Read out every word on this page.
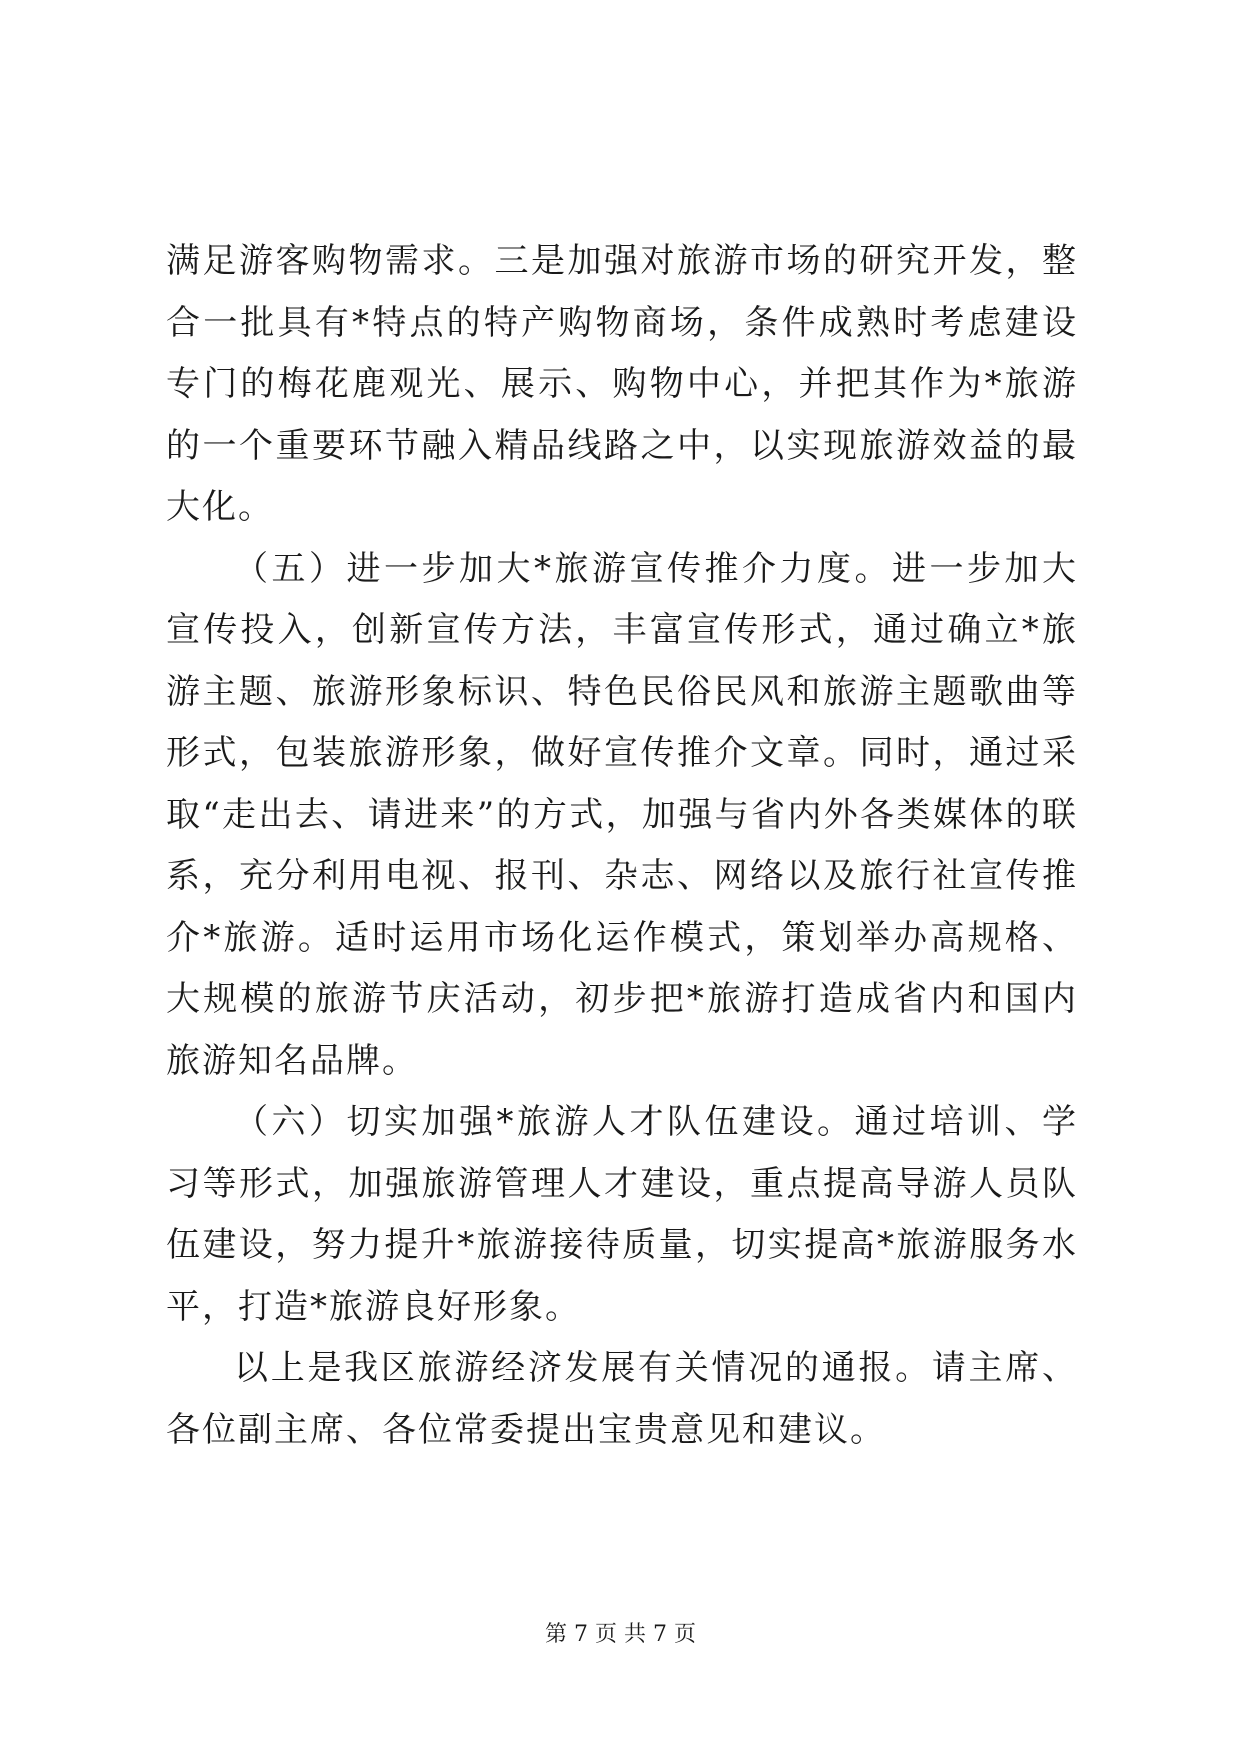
满足游客购物需求。三是加强对旅游市场的研究开发，整合一批具有*特点的特产购物商场，条件成熟时考虑建设专门的梅花鹿观光、展示、购物中心，并把其作为*旅游的一个重要环节融入精品线路之中，以实现旅游效益的最大化。

（五）进一步加大*旅游宣传推介力度。进一步加大宣传投入，创新宣传方法，丰富宣传形式，通过确立*旅游主题、旅游形象标识、特色民俗民风和旅游主题歌曲等形式，包装旅游形象，做好宣传推介文章。同时，通过采取“走出去、请进来”的方式，加强与省内外各类媒体的联系，充分利用电视、报刊、杂志、网络以及旅行社宣传推介*旅游。适时运用市场化运作模式，策划举办高规格、大规模的旅游节庆活动，初步把*旅游打造成省内和国内旅游知名品牌。

（六）切实加强*旅游人才队伍建设。通过培训、学习等形式，加强旅游管理人才建设，重点提高导游人员队伍建设，努力提升*旅游接待质量，切实提高*旅游服务水平，打造*旅游良好形象。

以上是我区旅游经济发展有关情况的通报。请主席、各位副主席、各位常委提出宝贵意见和建议。

第 7 页 共 7 页
